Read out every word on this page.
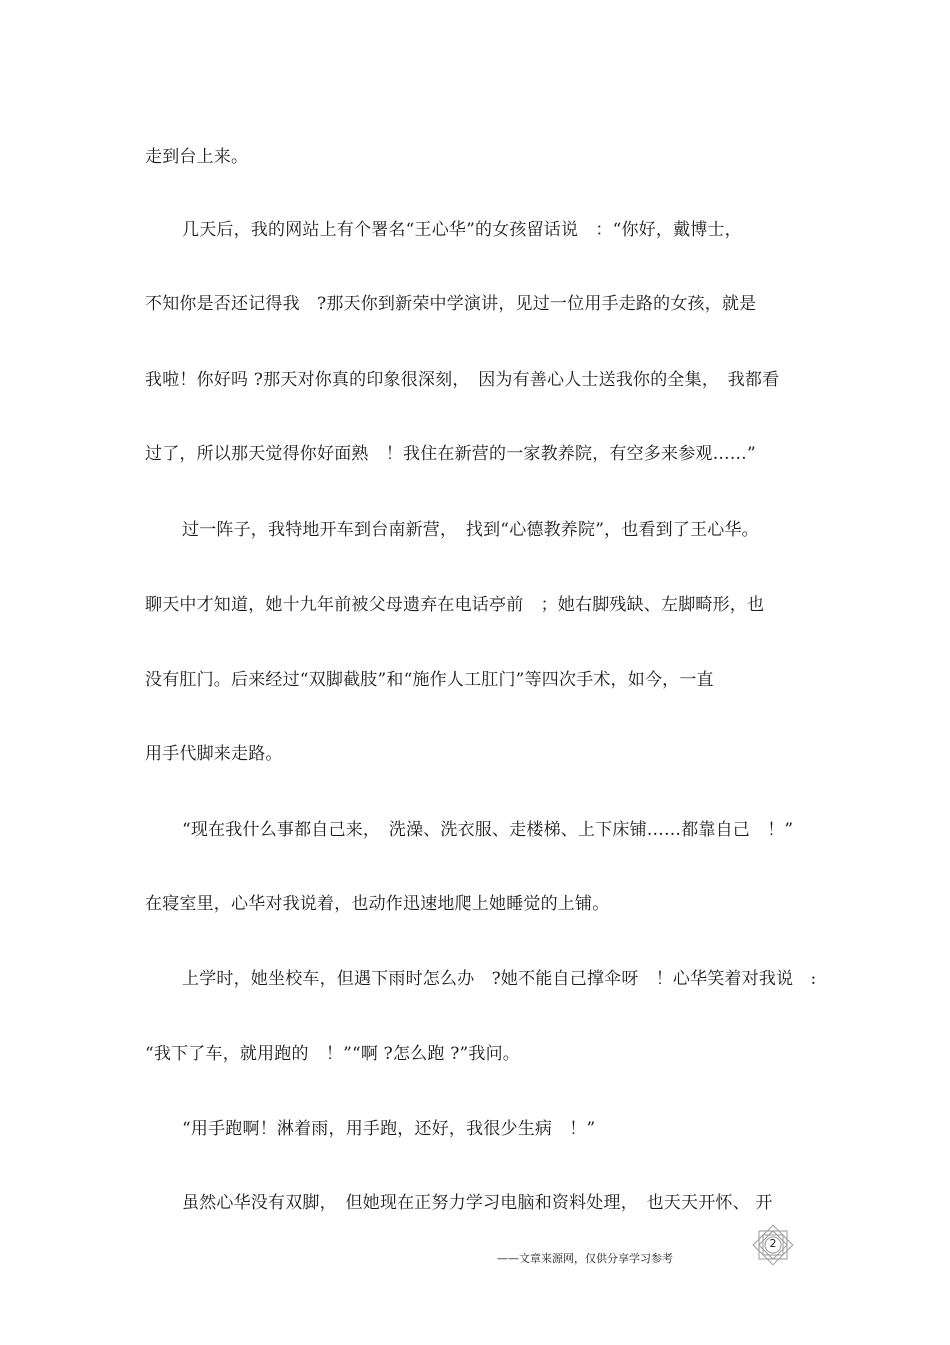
走到台上来。
几天后，我的网站上有个署名“王心华”的女孩留话说　：“你好，戴博士，
不知你是否还记得我　?那天你到新荣中学演讲，见过一位用手走路的女孩，就是
我啦！你好吗 ?那天对你真的印象很深刻，　因为有善心人士送我你的全集，　我都看
过了，所以那天觉得你好面熟　！我住在新营的一家教养院，有空多来参观……”
过一阵子，我特地开车到台南新营，　找到“心德教养院”，也看到了王心华。
聊天中才知道，她十九年前被父母遗弃在电话亭前　；她右脚残缺、左脚畸形，也
没有肛门。后来经过“双脚截肢”和“施作人工肛门”等四次手术，如今，一直
用手代脚来走路。
“现在我什么事都自己来，　洗澡、洗衣服、走楼梯、上下床铺……都靠自己　！”
在寝室里，心华对我说着，也动作迅速地爬上她睡觉的上铺。
上学时，她坐校车，但遇下雨时怎么办　?她不能自己撑伞呀　！心华笑着对我说　:
“我下了车，就用跑的　！”“啊 ?怎么跑 ?”我问。
“用手跑啊！淋着雨，用手跑，还好，我很少生病　！”
虽然心华没有双脚，　但她现在正努力学习电脑和资料处理，　也天天开怀、 开
——文章来源网，仅供分享学习参考
2
